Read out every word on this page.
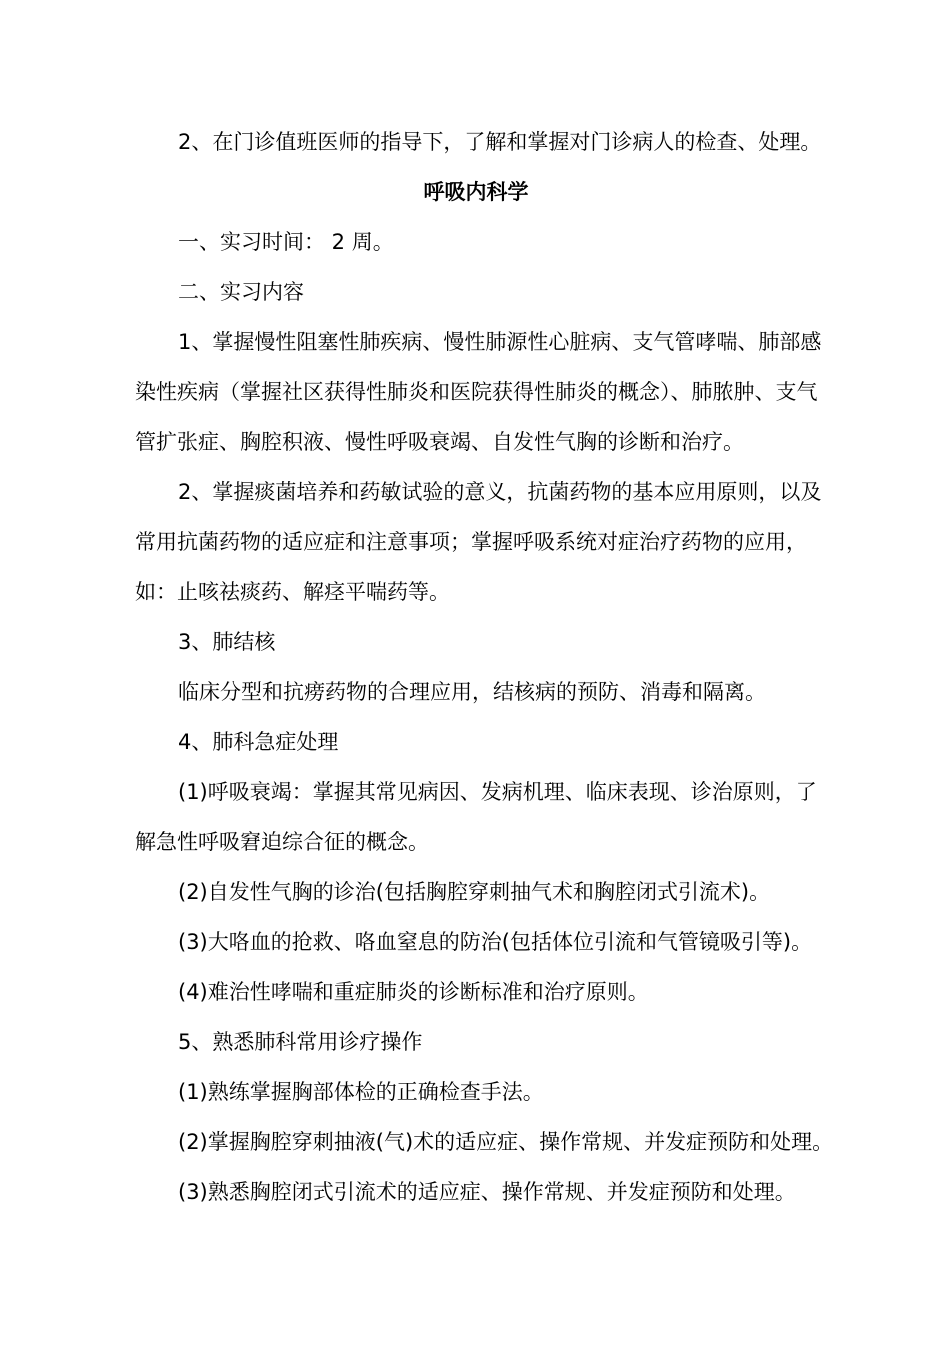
2、在门诊值班医师的指导下，了解和掌握对门诊病人的检查、处理。

呼吸内科学

一、实习时间： 2 周。

二、实习内容

1、掌握慢性阻塞性肺疾病、慢性肺源性心脏病、支气管哮喘、肺部感
染性疾病（掌握社区获得性肺炎和医院获得性肺炎的概念）、肺脓肿、支气
管扩张症、胸腔积液、慢性呼吸衰竭、自发性气胸的诊断和治疗。

2、掌握痰菌培养和药敏试验的意义，抗菌药物的基本应用原则，以及
常用抗菌药物的适应症和注意事项；掌握呼吸系统对症治疗药物的应用，
如：止咳祛痰药、解痉平喘药等。

3、肺结核

临床分型和抗痨药物的合理应用，结核病的预防、消毒和隔离。

4、肺科急症处理

(1)呼吸衰竭：掌握其常见病因、发病机理、临床表现、诊治原则，了
解急性呼吸窘迫综合征的概念。

(2)自发性气胸的诊治(包括胸腔穿刺抽气术和胸腔闭式引流术)。

(3)大咯血的抢救、咯血窒息的防治(包括体位引流和气管镜吸引等)。

(4)难治性哮喘和重症肺炎的诊断标准和治疗原则。

5、熟悉肺科常用诊疗操作

(1)熟练掌握胸部体检的正确检查手法。

(2)掌握胸腔穿刺抽液(气)术的适应症、操作常规、并发症预防和处理。

(3)熟悉胸腔闭式引流术的适应症、操作常规、并发症预防和处理。
